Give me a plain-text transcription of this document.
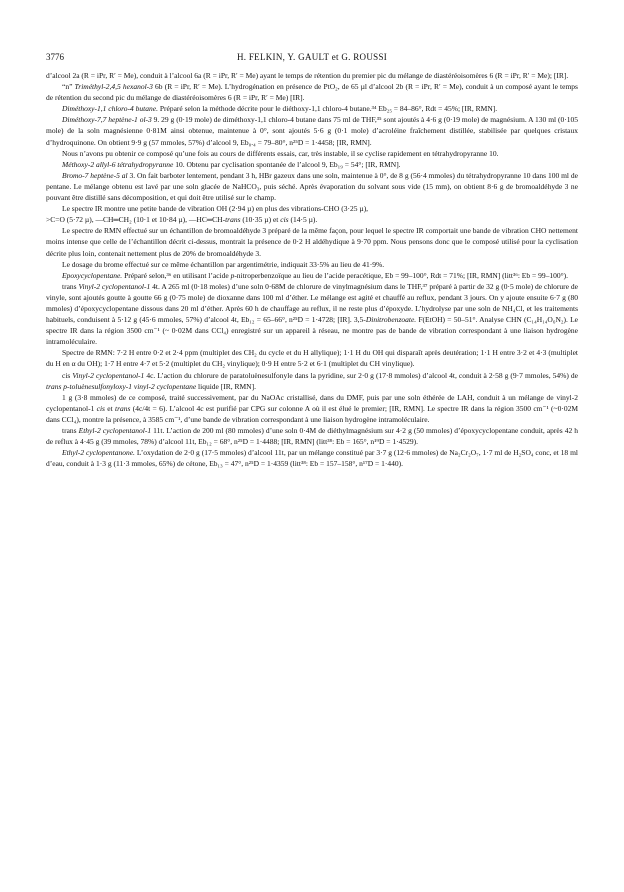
3776	H. FELKIN, Y. GAULT et G. ROUSSI

d’alcool 2a (R = iPr, R′ = Me), conduit à l’alcool 6a (R = iPr, R′ = Me) ayant le temps de rétention du premier pic du mélange de diastéréoisomères 6 (R = iPr, R′ = Me); [IR].

“n” Triméthyl-2,4,5 hexanol-3 6b (R = iPr, R′ = Me). L’hydrogénation en présence de PtO₂, de 65 µl d’alcool 2b (R = iPr, R′ = Me), conduit à un composé ayant le temps de rétention du second pic du mélange de diastéréoisomères 6 (R = iPr, R′ = Me) [IR].

Diméthoxy-1,1 chloro-4 butane. Préparé selon la méthode décrite pour le diéthoxy-1,1 chloro-4 butane.³⁴ Eb₂₅ = 84–86°, Rdt = 45%; [IR, RMN].

Diméthoxy-7,7 heptène-1 ol-3 9. 29 g (0·19 mole) de diméthoxy-1,1 chloro-4 butane dans 75 ml de THF,³⁵ sont ajoutés à 4·6 g (0·19 mole) de magnésium. A 130 ml (0·105 mole) de la soln magnésienne 0·81M ainsi obtenue, maintenue à 0°, sont ajoutés 5·6 g (0·1 mole) d’acroléine fraîchement distillée, stabilisée par quelques cristaux d’hydroquinone. On obtient 9·9 g (57 mmoles, 57%) d’alcool 9, Eb₀.₄ = 79–80°, n²⁵D = 1·4458; [IR, RMN].

Nous n’avons pu obtenir ce composé qu’une fois au cours de différents essais, car, très instable, il se cyclise rapidement en tétrahydropyranne 10.

Méthoxy-2 allyl-6 tétrahydropyranne 10. Obtenu par cyclisation spontanée de l’alcool 9, Eb₁₉ = 54°; [IR, RMN].

Bromo-7 heptène-5 al 3. On fait barboter lentement, pendant 3 h, HBr gazeux dans une soln, maintenue à 0°, de 8 g (56·4 mmoles) du tétrahydropyranne 10 dans 100 ml de pentane. Le mélange obtenu est lavé par une soln glacée de NaHCO₃, puis séché. Après évaporation du solvant sous vide (15 mm), on obtient 8·6 g de bromoaldéhyde 3 ne pouvant être distillé sans décomposition, et qui doit être utilisé sur le champ.

Le spectre IR montre une petite bande de vibration OH (2·94 µ) en plus des vibrations-CHO (3·25 µ),

>C=O (5·72 µ), —CH═CH₂ (10·1 et 10·84 µ), —HC═CH-trans (10·35 µ) et cis (14·5 µ).

Le spectre de RMN effectué sur un échantillon de bromoaldéhyde 3 préparé de la même façon, pour lequel le spectre IR comportait une bande de vibration CHO nettement moins intense que celle de l’échantillon décrit ci-dessus, montrait la présence de 0·2 H aldéhydique à 9·70 ppm. Nous pensons donc que le composé utilisé pour la cyclisation décrite plus loin, contenait nettement plus de 20% de bromoaldéhyde 3.

Le dosage du brome effectué sur ce même échantillon par argentimétrie, indiquait 33·5% au lieu de 41·9%.

Epoxycyclopentane. Préparé selon,³⁶ en utilisant l’acide p-nitroperbenzoïque au lieu de l’acide peracétique, Eb = 99–100°, Rdt = 71%; [IR, RMN] (litt³⁶: Eb = 99–100°).

trans Vinyl-2 cyclopentanol-1 4t. A 265 ml (0·18 moles) d’une soln 0·68M de chlorure de vinylmagnésium dans le THF,³⁷ préparé à partir de 32 g (0·5 mole) de chlorure de vinyle, sont ajoutés goutte à goutte 66 g (0·75 mole) de dioxanne dans 100 ml d’éther. Le mélange est agité et chauffé au reflux, pendant 3 jours. On y ajoute ensuite 6·7 g (80 mmoles) d’époxycyclopentane dissous dans 20 ml d’éther. Après 60 h de chauffage au reflux, il ne reste plus d’époxyde. L’hydrolyse par une soln de NH₄Cl, et les traitements habituels, conduisent à 5·12 g (45·6 mmoles, 57%) d’alcool 4t, Eb₁₂ = 65–66°, n²⁵D = 1·4728; [IR]. 3,5-Dinitrobenzoate. F(EtOH) = 50–51°. Analyse CHN (C₁₄H₁₄O₆N₂). Le spectre IR dans la région 3500 cm⁻¹ (~ 0·02M dans CCl₄) enregistré sur un appareil à réseau, ne montre pas de bande de vibration correspondant à une liaison hydrogène intramoléculaire.

Spectre de RMN: 7·2 H entre 0·2 et 2·4 ppm (multiplet des CH₂ du cycle et du H allylique); 1·1 H du OH qui disparaît après deutération; 1·1 H entre 3·2 et 4·3 (multiplet du H en α du OH); 1·7 H entre 4·7 et 5·2 (multiplet du CH₂ vinylique); 0·9 H entre 5·2 et 6·1 (multiplet du CH vinylique).

cis Vinyl-2 cyclopentanol-1 4c. L’action du chlorure de paratoluènesulfonyle dans la pyridine, sur 2·0 g (17·8 mmoles) d’alcool 4t, conduit à 2·58 g (9·7 mmoles, 54%) de trans p-toluènesulfonyloxy-1 vinyl-2 cyclopentane liquide [IR, RMN].

1 g (3·8 mmoles) de ce composé, traité successivement, par du NaOAc cristallisé, dans du DMF, puis par une soln éthérée de LAH, conduit à un mélange de vinyl-2 cyclopentanol-1 cis et trans (4c/4t = 6). L’alcool 4c est purifié par CPG sur colonne A où il est élué le premier; [IR, RMN]. Le spectre IR dans la région 3500 cm⁻¹ (~0·02M dans CCl₄), montre la présence, à 3585 cm⁻¹, d’une bande de vibration correspondant à une liaison hydrogène intramoléculaire.

trans Ethyl-2 cyclopentanol-1 11t. L’action de 200 ml (80 mmoles) d’une soln 0·4M de diéthylmagnésium sur 4·2 g (50 mmoles) d’époxycyclopentane conduit, après 42 h de reflux à 4·45 g (39 mmoles, 78%) d’alcool 11t, Eb₁₂ = 68°, n²⁵D = 1·4488; [IR, RMN] (litt³⁸: Eb = 165°, n¹⁹D = 1·4529).

Ethyl-2 cyclopentanone. L’oxydation de 2·0 g (17·5 mmoles) d’alcool 11t, par un mélange constitué par 3·7 g (12·6 mmoles) de Na₂Cr₂O₇, 1·7 ml de H₂SO₄ conc, et 18 ml d’eau, conduit à 1·3 g (11·3 mmoles, 65%) de cétone, Eb₁₃ = 47°, n²⁵D = 1·4359 (litt³⁸: Eb = 157–158°, n¹⁷D = 1·440).
